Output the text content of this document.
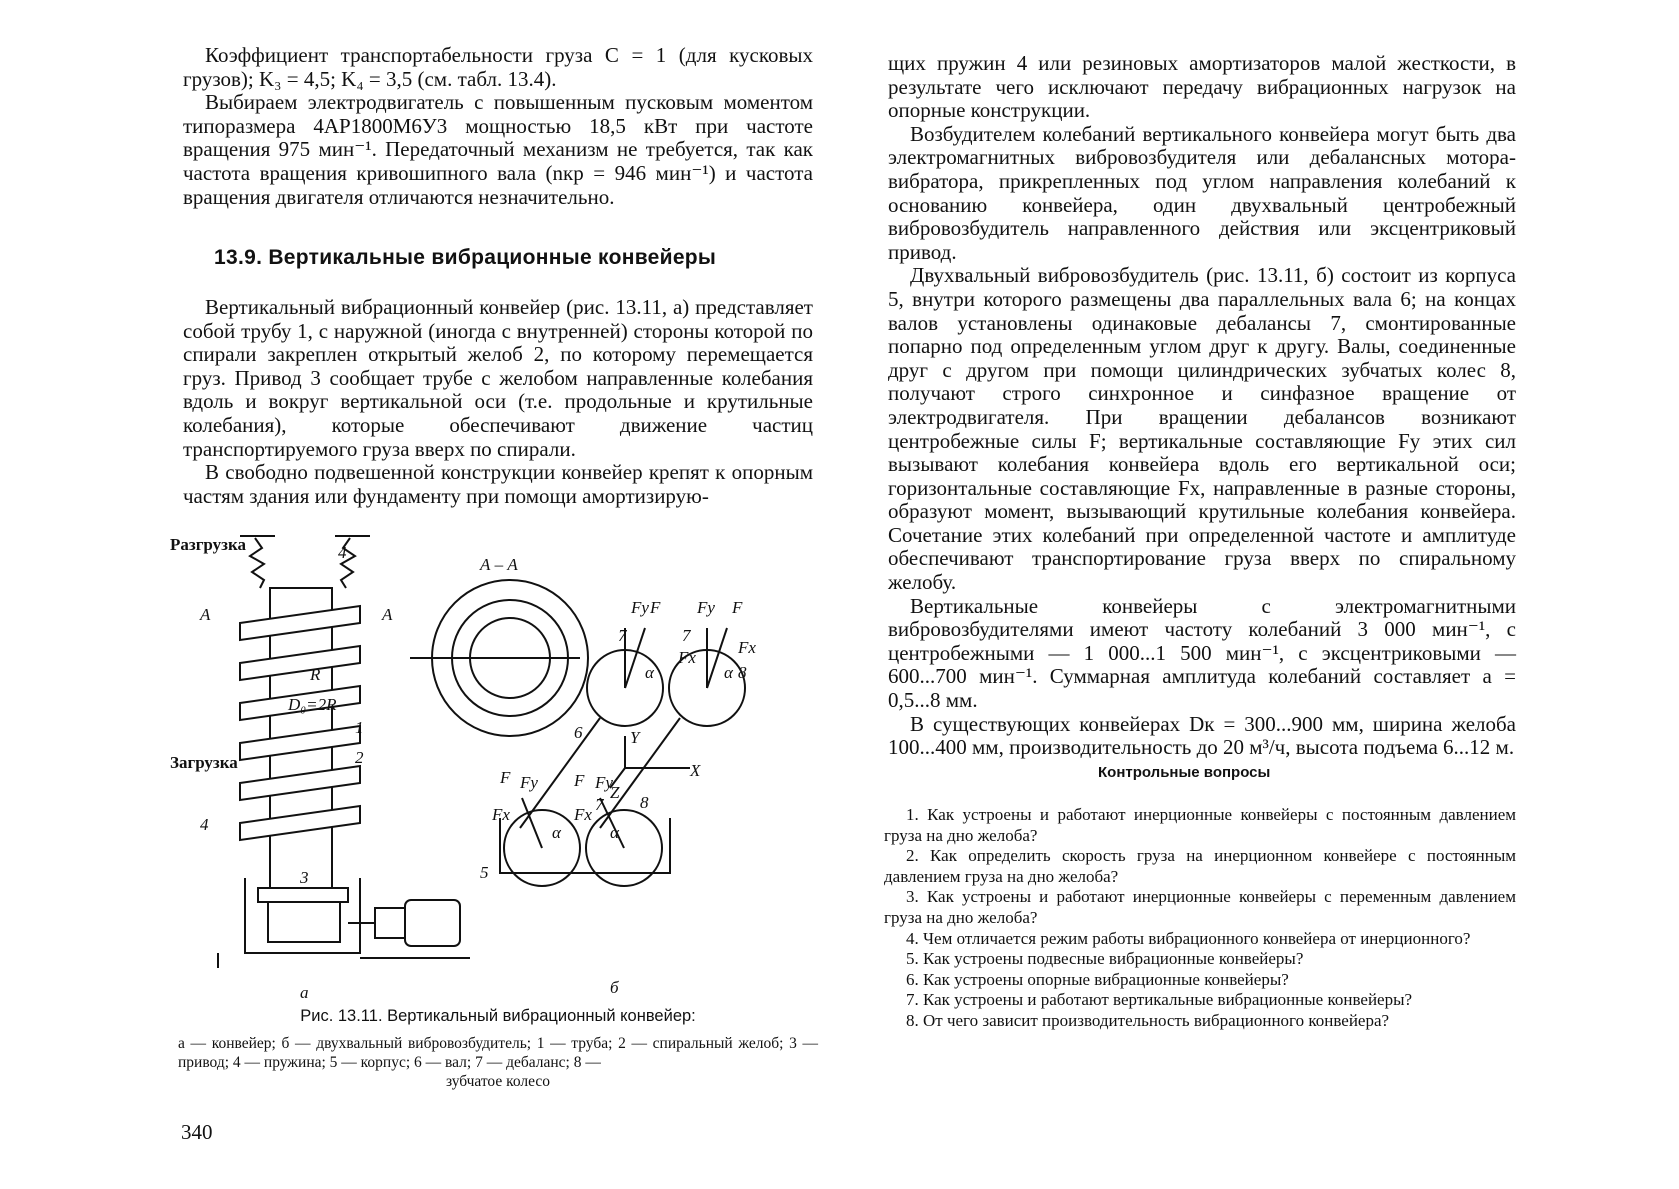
Коэффициент транспортабельности груза C = 1 (для кусковых грузов); K₃ = 4,5; K₄ = 3,5 (см. табл. 13.4).

Выбираем электродвигатель с повышенным пусковым моментом типоразмера 4АР1800М6У3 мощностью 18,5 кВт при частоте вращения 975 мин⁻¹. Передаточный механизм не требуется, так как частота вращения кривошипного вала (nкр = 946 мин⁻¹) и частота вращения двигателя отличаются незначительно.

13.9. Вертикальные вибрационные конвейеры

Вертикальный вибрационный конвейер (рис. 13.11, а) представляет собой трубу 1, с наружной (иногда с внутренней) стороны которой по спирали закреплен открытый желоб 2, по которому перемещается груз. Привод 3 сообщает трубе с желобом направленные колебания вдоль и вокруг вертикальной оси (т.е. продольные и крутильные колебания), которые обеспечивают движение частиц транспортируемого груза вверх по спирали.

В свободно подвешенной конструкции конвейер крепят к опорным частям здания или фундаменту при помощи амортизирую-

Разгрузка
Загрузка
А – А
А	А
R
D₀=2R
1
2
3
4
4
5
6
7	7
7
8
8
Fy F Fy F
Fx
Fx
F Fy
Fx
F Fy
Fx
X
Y
Z
α	α
α	α
а	б
Рис. 13.11. Вертикальный вибрационный конвейер:
а — конвейер; б — двухвальный вибровозбудитель; 1 — труба; 2 — спиральный желоб; 3 — привод; 4 — пружина; 5 — корпус; 6 — вал; 7 — дебаланс; 8 —
зубчатое колесо
340

щих пружин 4 или резиновых амортизаторов малой жесткости, в результате чего исключают передачу вибрационных нагрузок на опорные конструкции.

Возбудителем колебаний вертикального конвейера могут быть два электромагнитных вибровозбудителя или дебалансных мотора-вибратора, прикрепленных под углом направления колебаний к основанию конвейера, один двухвальный центробежный вибровозбудитель направленного действия или эксцентриковый привод.

Двухвальный вибровозбудитель (рис. 13.11, б) состоит из корпуса 5, внутри которого размещены два параллельных вала 6; на концах валов установлены одинаковые дебалансы 7, смонтированные попарно под определенным углом друг к другу. Валы, соединенные друг с другом при помощи цилиндрических зубчатых колес 8, получают строго синхронное и синфазное вращение от электродвигателя. При вращении дебалансов возникают центробежные силы F; вертикальные составляющие Fy этих сил вызывают колебания конвейера вдоль его вертикальной оси; горизонтальные составляющие Fx, направленные в разные стороны, образуют момент, вызывающий крутильные колебания конвейера. Сочетание этих колебаний при определенной частоте и амплитуде обеспечивают транспортирование груза вверх по спиральному желобу.

Вертикальные конвейеры с электромагнитными вибровозбудителями имеют частоту колебаний 3 000 мин⁻¹, с центробежными — 1 000...1 500 мин⁻¹, с эксцентриковыми — 600...700 мин⁻¹. Суммарная амплитуда колебаний составляет a = 0,5...8 мм.

В существующих конвейерах Dк = 300...900 мм, ширина желоба 100...400 мм, производительность до 20 м³/ч, высота подъема 6...12 м.

Контрольные вопросы
1. Как устроены и работают инерционные конвейеры с постоянным давлением груза на дно желоба?
2. Как определить скорость груза на инерционном конвейере с постоянным давлением груза на дно желоба?
3. Как устроены и работают инерционные конвейеры с переменным давлением груза на дно желоба?
4. Чем отличается режим работы вибрационного конвейера от инерционного?
5. Как устроены подвесные вибрационные конвейеры?
6. Как устроены опорные вибрационные конвейеры?
7. Как устроены и работают вертикальные вибрационные конвейеры?
8. От чего зависит производительность вибрационного конвейера?
